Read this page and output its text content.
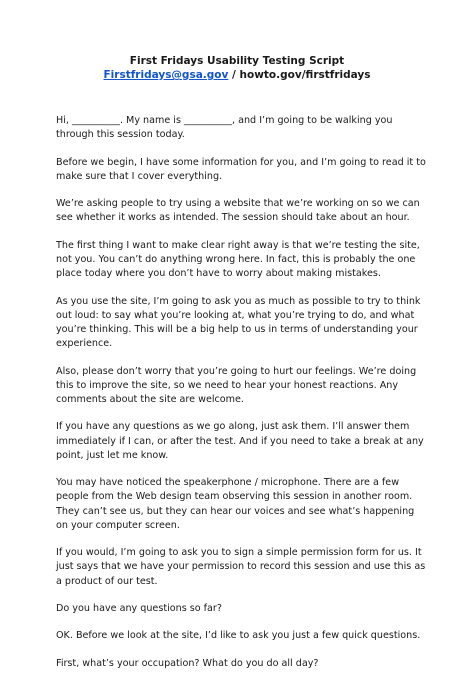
First Fridays Usability Testing Script
Firstfridays@gsa.gov / howto.gov/firstfridays

Hi, __________. My name is __________, and I’m going to be walking you through this session today.

Before we begin, I have some information for you, and I’m going to read it to make sure that I cover everything.

We’re asking people to try using a website that we’re working on so we can see whether it works as intended. The session should take about an hour.

The first thing I want to make clear right away is that we’re testing the site, not you. You can’t do anything wrong here. In fact, this is probably the one place today where you don’t have to worry about making mistakes.

As you use the site, I’m going to ask you as much as possible to try to think out loud: to say what you’re looking at, what you’re trying to do, and what you’re thinking. This will be a big help to us in terms of understanding your experience.

Also, please don’t worry that you’re going to hurt our feelings. We’re doing this to improve the site, so we need to hear your honest reactions. Any comments about the site are welcome.

If you have any questions as we go along, just ask them. I’ll answer them immediately if I can, or after the test. And if you need to take a break at any point, just let me know.

You may have noticed the speakerphone / microphone. There are a few people from the Web design team observing this session in another room. They can’t see us, but they can hear our voices and see what’s happening on your computer screen.

If you would, I’m going to ask you to sign a simple permission form for us. It just says that we have your permission to record this session and use this as a product of our test.

Do you have any questions so far?

OK. Before we look at the site, I’d like to ask you just a few quick questions.

First, what’s your occupation? What do you do all day?
